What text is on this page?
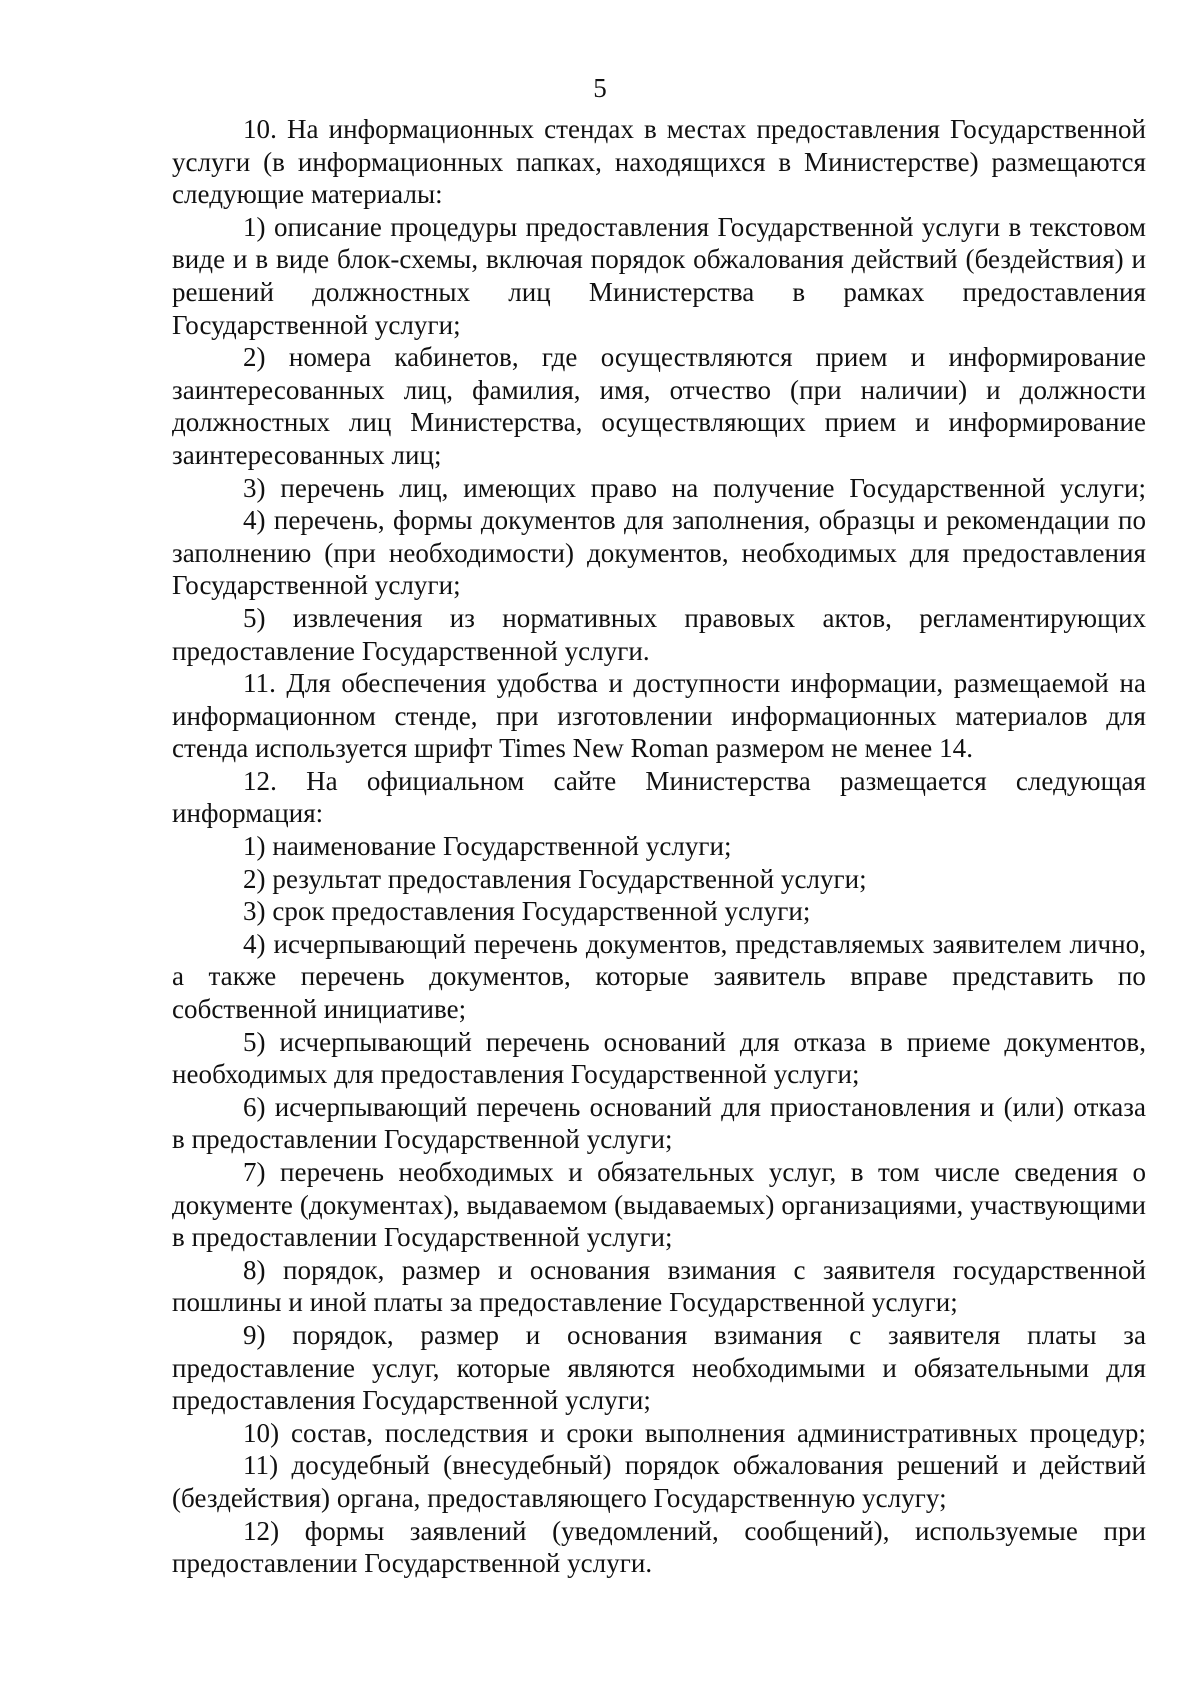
5

10. На информационных стендах в местах предоставления Государственной услуги (в информационных папках, находящихся в Министерстве) размещаются следующие материалы:

1) описание процедуры предоставления Государственной услуги в текстовом виде и в виде блок-схемы, включая порядок обжалования действий (бездействия) и решений должностных лиц Министерства в рамках предоставления Государственной услуги;

2) номера кабинетов, где осуществляются прием и информирование заинтересованных лиц, фамилия, имя, отчество (при наличии) и должности должностных лиц Министерства, осуществляющих прием и информирование заинтересованных лиц;

3) перечень лиц, имеющих право на получение Государственной услуги;

4) перечень, формы документов для заполнения, образцы и рекомендации по заполнению (при необходимости) документов, необходимых для предоставления Государственной услуги;

5) извлечения из нормативных правовых актов, регламентирующих предоставление Государственной услуги.

11. Для обеспечения удобства и доступности информации, размещаемой на информационном стенде, при изготовлении информационных материалов для стенда используется шрифт Times New Roman размером не менее 14.

12. На официальном сайте Министерства размещается следующая информация:

1) наименование Государственной услуги;

2) результат предоставления Государственной услуги;

3) срок предоставления Государственной услуги;

4) исчерпывающий перечень документов, представляемых заявителем лично, а также перечень документов, которые заявитель вправе представить по собственной инициативе;

5) исчерпывающий перечень оснований для отказа в приеме документов, необходимых для предоставления Государственной услуги;

6) исчерпывающий перечень оснований для приостановления и (или) отказа в предоставлении Государственной услуги;

7) перечень необходимых и обязательных услуг, в том числе сведения о документе (документах), выдаваемом (выдаваемых) организациями, участвующими в предоставлении Государственной услуги;

8) порядок, размер и основания взимания с заявителя государственной пошлины и иной платы за предоставление Государственной услуги;

9) порядок, размер и основания взимания с заявителя платы за предоставление услуг, которые являются необходимыми и обязательными для предоставления Государственной услуги;

10) состав, последствия и сроки выполнения административных процедур;

11) досудебный (внесудебный) порядок обжалования решений и действий (бездействия) органа, предоставляющего Государственную услугу;

12) формы заявлений (уведомлений, сообщений), используемые при предоставлении Государственной услуги.
